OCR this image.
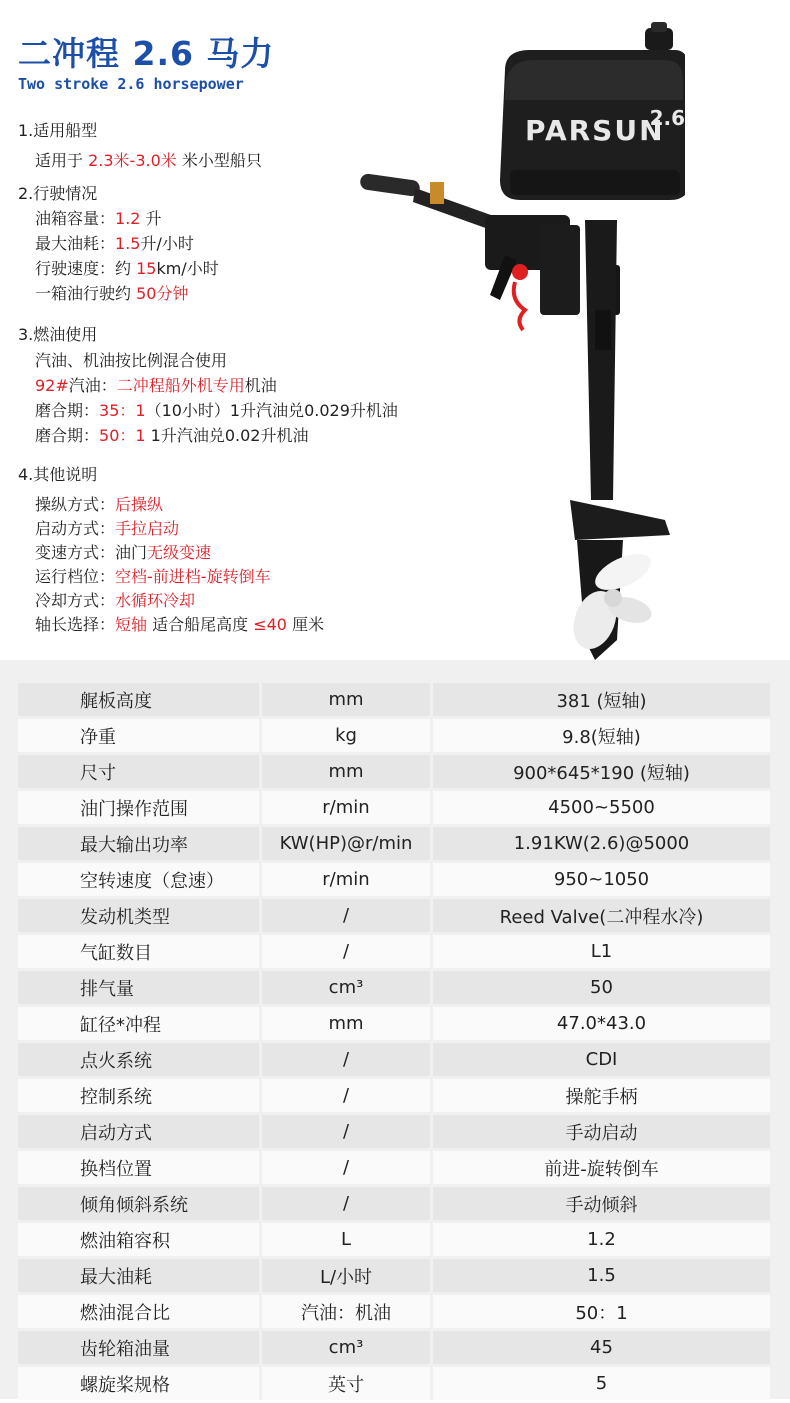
二冲程 2.6 马力
Two stroke 2.6 horsepower
1.适用船型
适用于 2.3米-3.0米 米小型船只
2.行驶情况
油箱容量：1.2 升
最大油耗：1.5升/小时
行驶速度：约 15km/小时
一箱油行驶约 50分钟
3.燃油使用
汽油、机油按比例混合使用
92#汽油：二冲程船外机专用机油
磨合期：35：1（10小时）1升汽油兑0.029升机油
磨合期：50：1 1升汽油兑0.02升机油
4.其他说明
操纵方式：后操纵
启动方式：手拉启动
变速方式：油门无级变速
运行档位：空档-前进档-旋转倒车
冷却方式：水循环冷却
轴长选择：短轴 适合船尾高度 ≤40 厘米
PARSUN
2.6
艉板高度	mm	381 (短轴)
净重	kg	9.8(短轴)
尺寸	mm	900*645*190 (短轴)
油门操作范围	r/min	4500~5500
最大输出功率	KW(HP)@r/min	1.91KW(2.6)@5000
空转速度（怠速）	r/min	950~1050
发动机类型	/	Reed Valve(二冲程水冷)
气缸数目	/	L1
排气量	cm³	50
缸径*冲程	mm	47.0*43.0
点火系统	/	CDI
控制系统	/	操舵手柄
启动方式	/	手动启动
换档位置	/	前进-旋转倒车
倾角倾斜系统	/	手动倾斜
燃油箱容积	L	1.2
最大油耗	L/小时	1.5
燃油混合比	汽油：机油	50：1
齿轮箱油量	cm³	45
螺旋桨规格	英寸	5
